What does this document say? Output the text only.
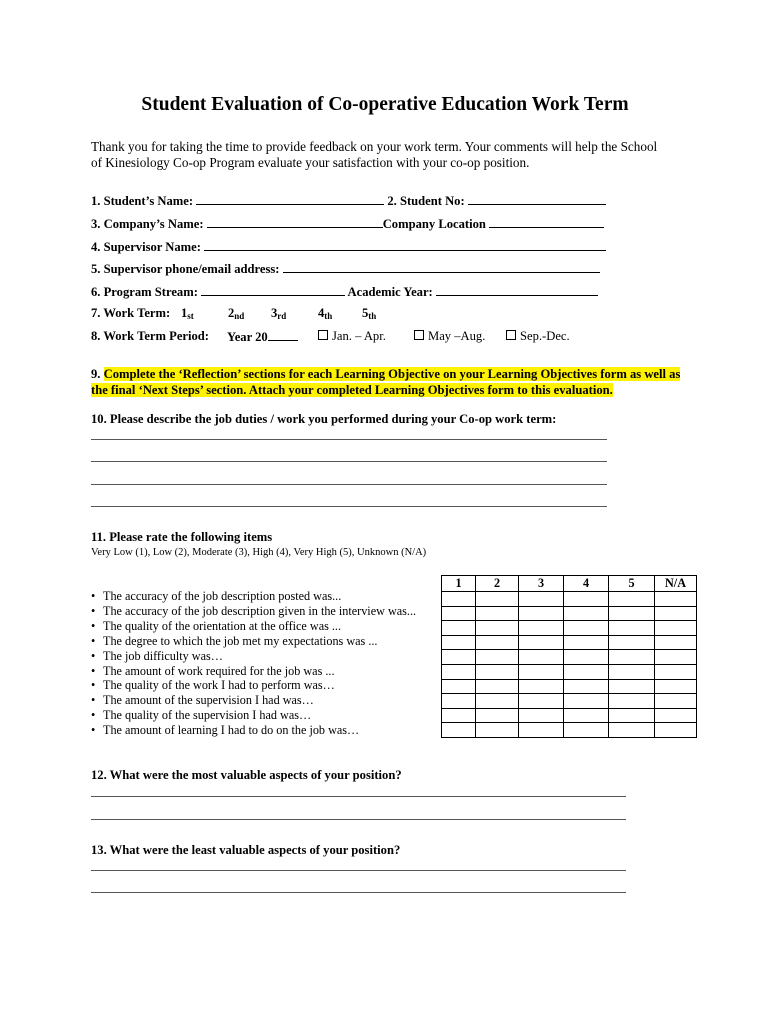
Student Evaluation of Co-operative Education Work Term
Thank you for taking the time to provide feedback on your work term. Your comments will help the School of Kinesiology Co-op Program evaluate your satisfaction with your co-op position.
1. Student’s Name:	2. Student No:
3. Company’s Name:	Company Location
4. Supervisor Name:
5. Supervisor phone/email address:
6. Program Stream:	Academic Year:
7. Work Term: 1st	2nd 3rd	4th 5th
8. Work Term Period: Year 20	Jan. – Apr.	May –Aug.	Sep.-Dec.
9. Complete the ‘Reflection’ sections for each Learning Objective on your Learning Objectives form as well as the final ‘Next Steps’ section. Attach your completed Learning Objectives form to this evaluation.
10. Please describe the job duties / work you performed during your Co-op work term:
11. Please rate the following items
Very Low (1), Low (2), Moderate (3), High (4), Very High (5), Unknown (N/A)
• The accuracy of the job description posted was...
• The accuracy of the job description given in the interview was...
• The quality of the orientation at the office was ...
• The degree to which the job met my expectations was ...
• The job difficulty was…
• The amount of work required for the job was ...
• The quality of the work I had to perform was…
• The amount of the supervision I had was…
• The quality of the supervision I had was…
• The amount of learning I had to do on the job was…
1	2	3	4	5	N/A

12. What were the most valuable aspects of your position?
13. What were the least valuable aspects of your position?
